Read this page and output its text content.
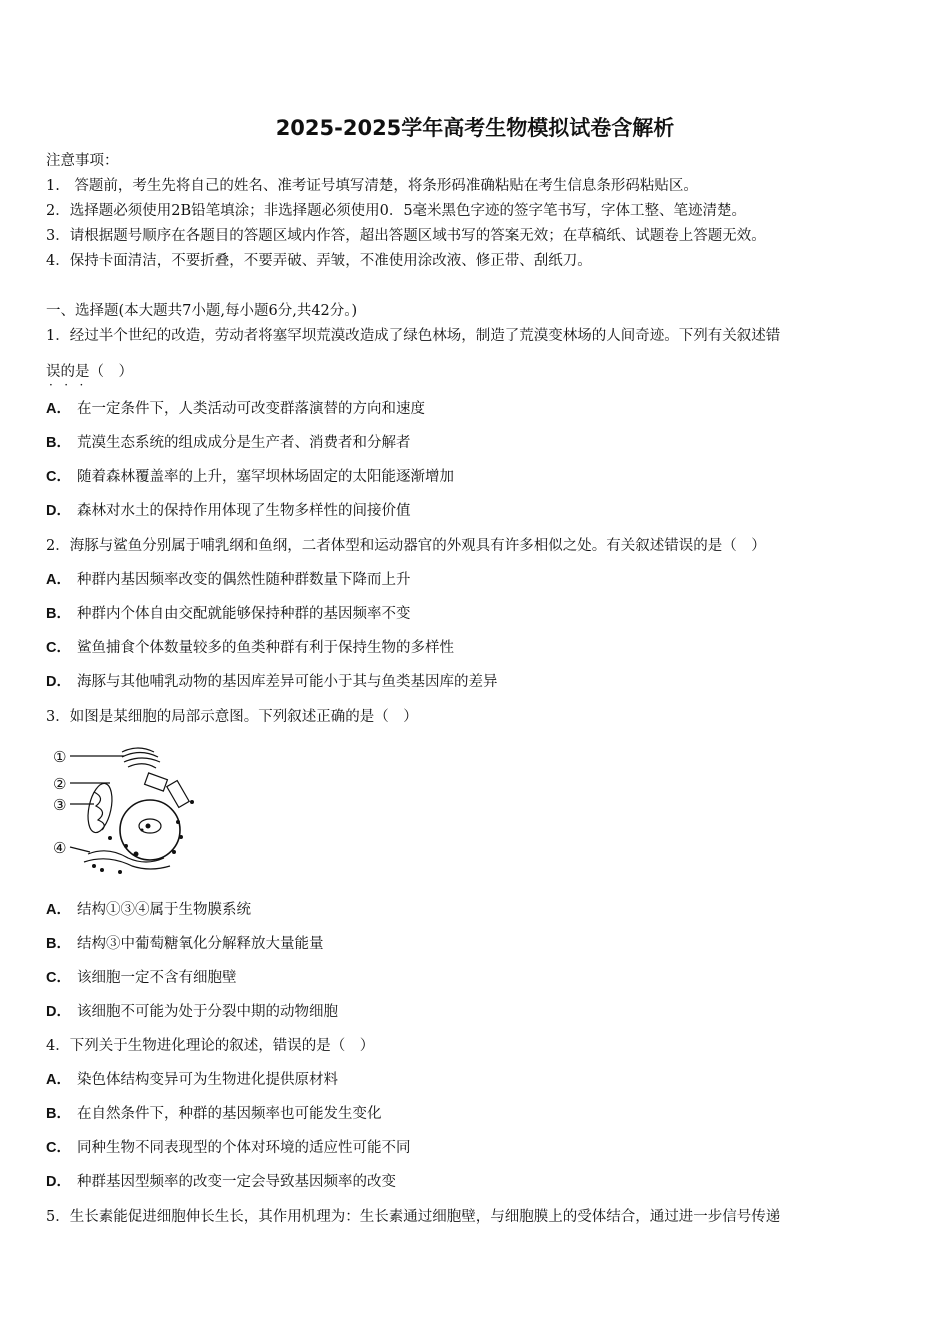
2025-2025学年高考生物模拟试卷含解析
注意事项：
1.　答题前，考生先将自己的姓名、准考证号填写清楚，将条形码准确粘贴在考生信息条形码粘贴区。
2．选择题必须使用2B铅笔填涂；非选择题必须使用0．5毫米黑色字迹的签字笔书写，字体工整、笔迹清楚。
3．请根据题号顺序在各题目的答题区域内作答，超出答题区域书写的答案无效；在草稿纸、试题卷上答题无效。
4．保持卡面清洁，不要折叠，不要弄破、弄皱，不准使用涂改液、修正带、刮纸刀。
一、选择题(本大题共7小题,每小题6分,共42分。)
1．经过半个世纪的改造，劳动者将塞罕坝荒漠改造成了绿色林场，制造了荒漠变林场的人间奇迹。下列有关叙述错
误的是（　）
·   ·   ·
A． 在一定条件下，人类活动可改变群落演替的方向和速度
B． 荒漠生态系统的组成成分是生产者、消费者和分解者
C． 随着森林覆盖率的上升，塞罕坝林场固定的太阳能逐渐增加
D． 森林对水土的保持作用体现了生物多样性的间接价值
2．海豚与鲨鱼分别属于哺乳纲和鱼纲，二者体型和运动器官的外观具有许多相似之处。有关叙述错误的是（　）
A． 种群内基因频率改变的偶然性随种群数量下降而上升
B． 种群内个体自由交配就能够保持种群的基因频率不变
C． 鲨鱼捕食个体数量较多的鱼类种群有利于保持生物的多样性
D． 海豚与其他哺乳动物的基因库差异可能小于其与鱼类基因库的差异
3．如图是某细胞的局部示意图。下列叙述正确的是（　）
①
②
③
④
A． 结构①③④属于生物膜系统
B． 结构③中葡萄糖氧化分解释放大量能量
C． 该细胞一定不含有细胞壁
D． 该细胞不可能为处于分裂中期的动物细胞
4．下列关于生物进化理论的叙述，错误的是（　）
A． 染色体结构变异可为生物进化提供原材料
B． 在自然条件下，种群的基因频率也可能发生变化
C． 同种生物不同表现型的个体对环境的适应性可能不同
D． 种群基因型频率的改变一定会导致基因频率的改变
5．生长素能促进细胞伸长生长，其作用机理为：生长素通过细胞壁，与细胞膜上的受体结合，通过进一步信号传递
